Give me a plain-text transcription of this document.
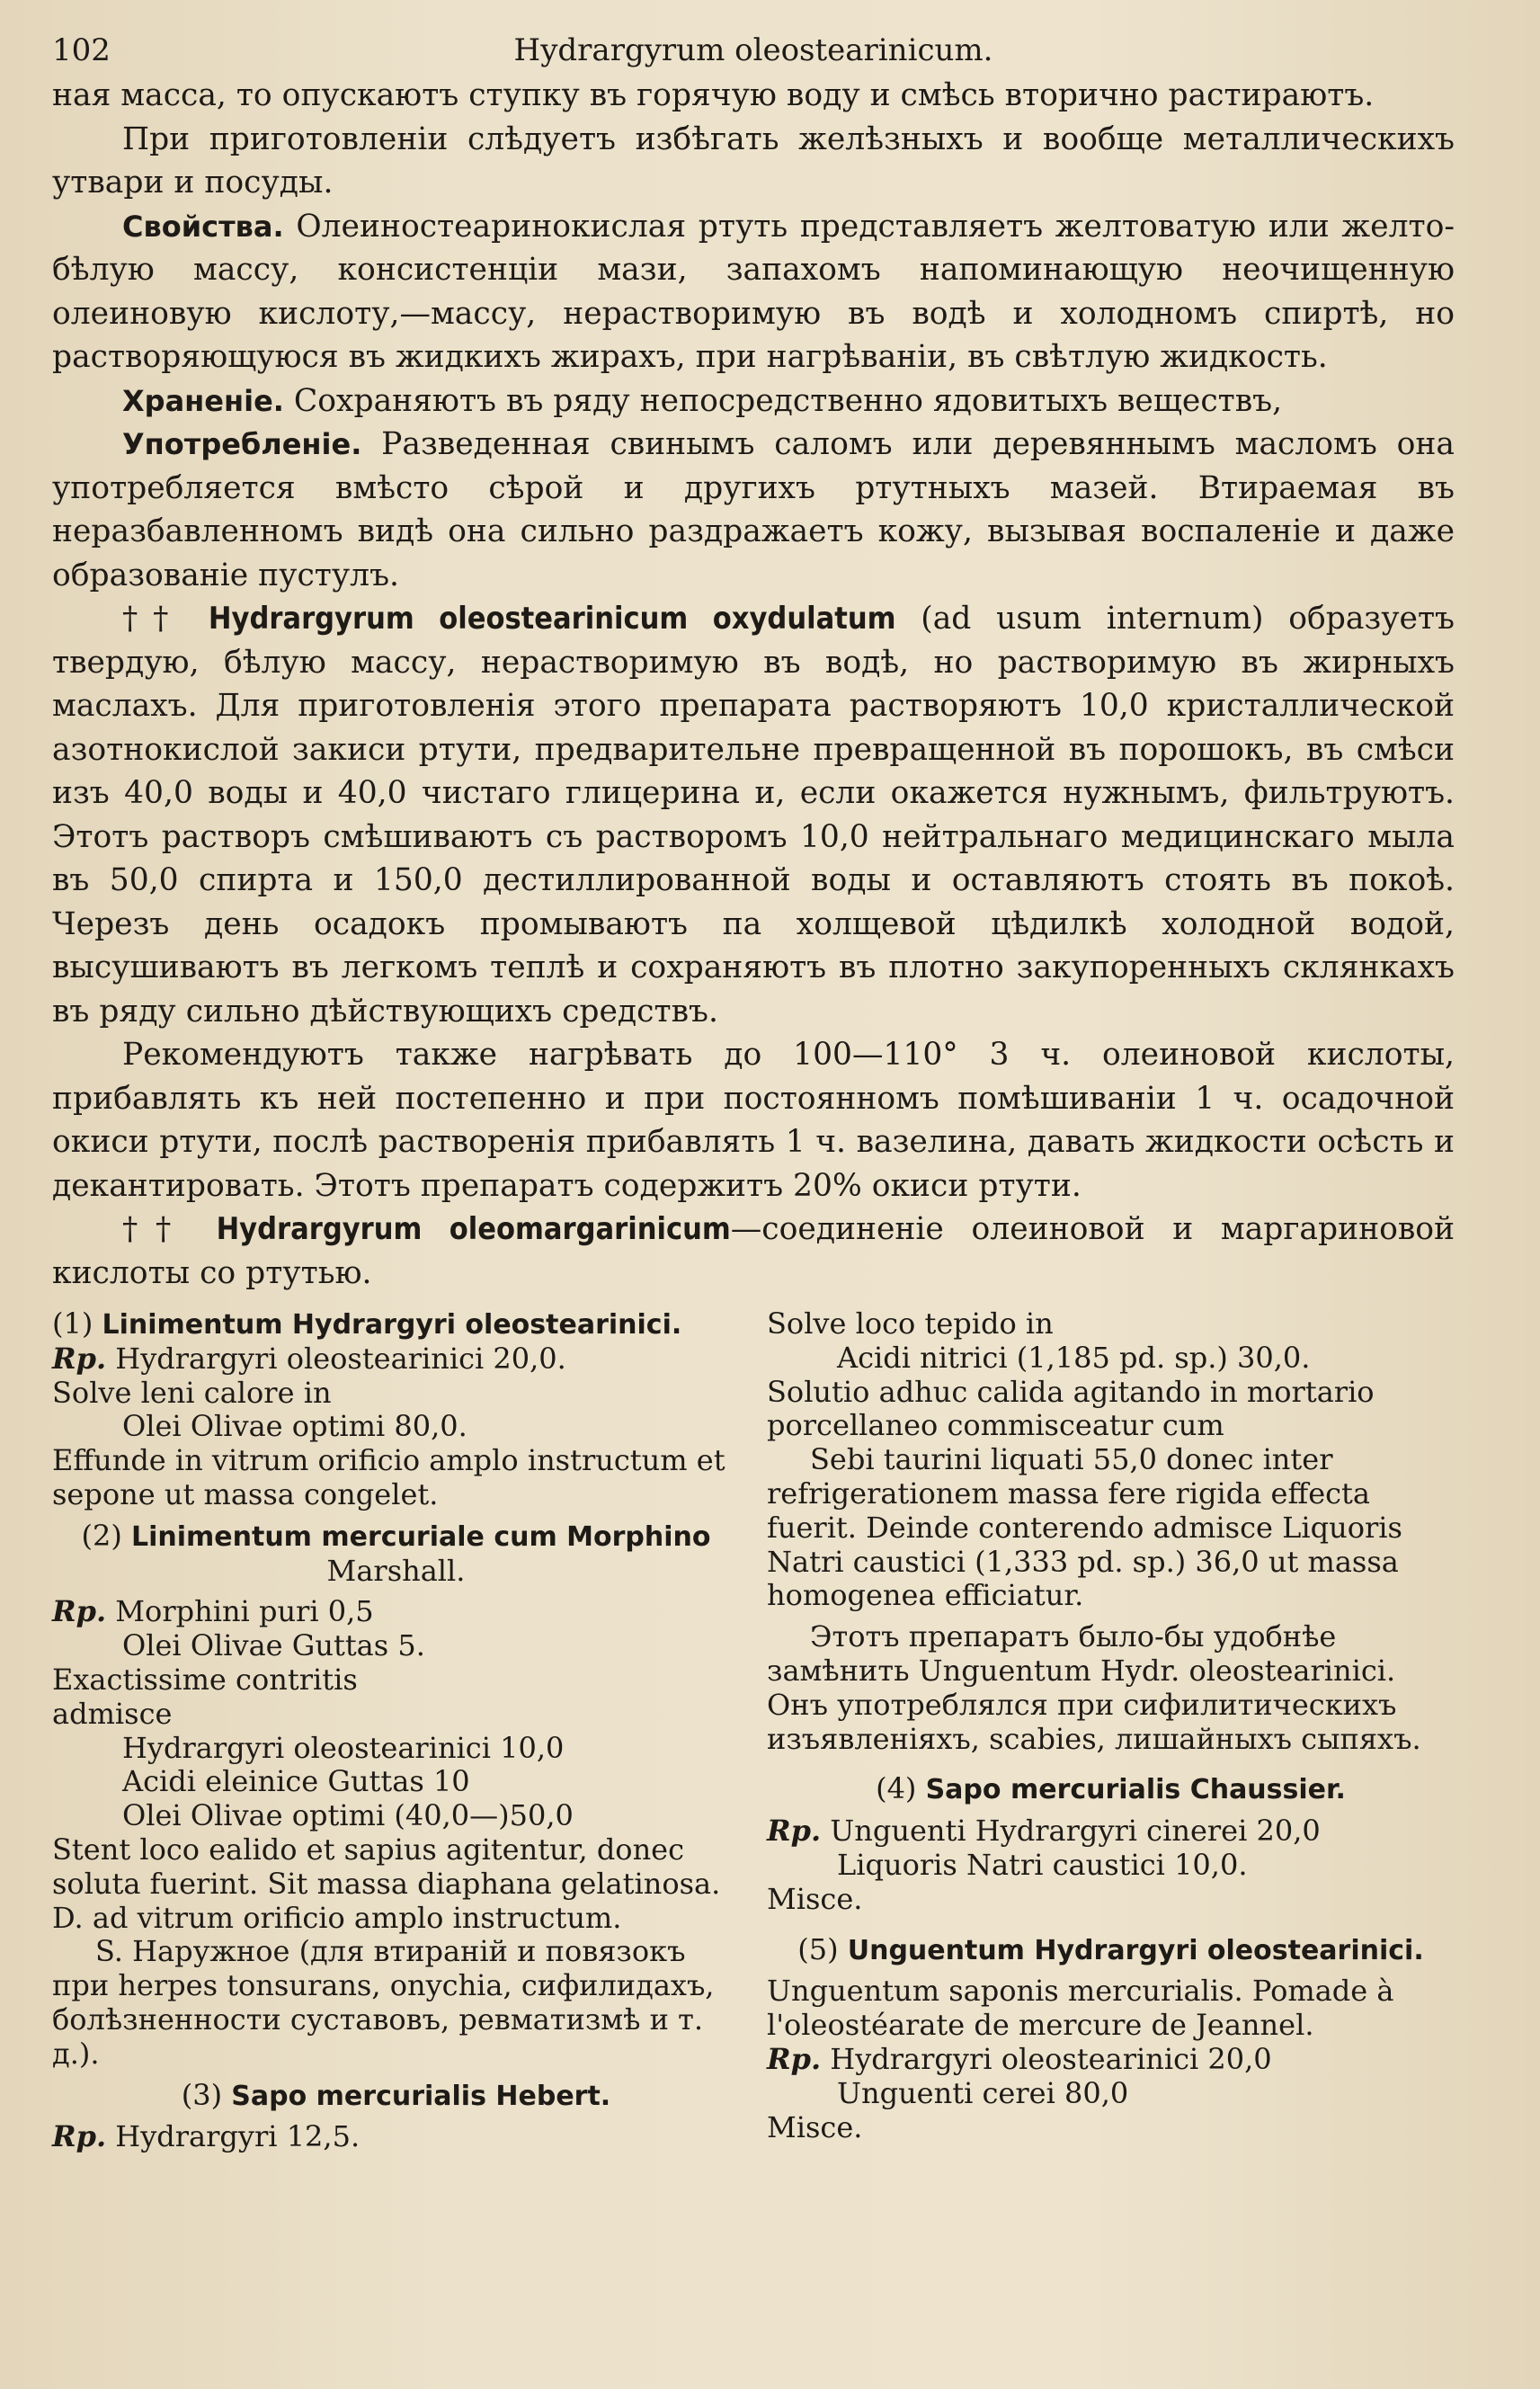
102	Hydrargyrum oleostearinicum.

ная масса, то опускаютъ ступку въ горячую воду и смѣсь вторично растираютъ.

При приготовленіи слѣдуетъ избѣгать желѣзныхъ и вообще металлическихъ утвари и посуды.

Свойства. Олеиностеаринокислая ртуть представляетъ желтоватую или желто-бѣлую массу, консистенціи мази, запахомъ напоминающую неочищенную олеиновую кислоту,—массу, нерастворимую въ водѣ и холодномъ спиртѣ, но растворяющуюся въ жидкихъ жирахъ, при нагрѣваніи, въ свѣтлую жидкость.

Храненіе. Сохраняютъ въ ряду непосредственно ядовитыхъ веществъ,

Употребленіе. Разведенная свинымъ саломъ или деревяннымъ масломъ она употребляется вмѣсто сѣрой и другихъ ртутныхъ мазей. Втираемая въ неразбавленномъ видѣ она сильно раздражаетъ кожу, вызывая воспаленіе и даже образованіе пустулъ.

†† Hydrargyrum oleostearinicum oxydulatum (ad usum internum) образуетъ твердую, бѣлую массу, нерастворимую въ водѣ, но растворимую въ жирныхъ маслахъ. Для приготовленія этого препарата растворяютъ 10,0 кристаллической азотнокислой закиси ртути, предварительне превращенной въ порошокъ, въ смѣси изъ 40,0 воды и 40,0 чистаго глицерина и, если окажется нужнымъ, фильтруютъ. Этотъ растворъ смѣшиваютъ съ растворомъ 10,0 нейтральнаго медицинскаго мыла въ 50,0 спирта и 150,0 дестиллированной воды и оставляютъ стоять въ покоѣ. Черезъ день осадокъ промываютъ па холщевой цѣдилкѣ холодной водой, высушиваютъ въ легкомъ теплѣ и сохраняютъ въ плотно закупоренныхъ склянкахъ въ ряду сильно дѣйствующихъ средствъ.

Рекомендуютъ также нагрѣвать до 100—110° 3 ч. олеиновой кислоты, прибавлять къ ней постепенно и при постоянномъ помѣшиваніи 1 ч. осадочной окиси ртути, послѣ растворенія прибавлять 1 ч. вазелина, давать жидкости осѣсть и декантировать. Этотъ препаратъ содержитъ 20% окиси ртути.

†† Hydrargyrum oleomargarinicum—соединеніе олеиновой и маргариновой кислоты со ртутью.

(1) Linimentum Hydrargyri oleostearinici.

Rp. Hydrargyri oleostearinici 20,0.

Solve leni calore in

Olei Olivae optimi 80,0.

Effunde in vitrum orificio amplo instructum et sepone ut massa congelet.

(2) Linimentum mercuriale cum Morphino

Marshall.

Rp. Morphini puri 0,5

Olei Olivae Guttas 5.

Exactissime contritis

admisce

Hydrargyri oleostearinici 10,0

Acidi eleinice Guttas 10

Olei Olivae optimi (40,0—)50,0

Stent loco ealido et sapius agitentur, donec soluta fuerint. Sit massa diaphana gelatinosa. D. ad vitrum orificio amplo instructum.

S. Наружное (для втираній и повязокъ при herpes tonsurans, onychia, сифилидахъ, болѣзненности суставовъ, ревматизмѣ и т. д.).

(3) Sapo mercurialis Hebert.

Rp. Hydrargyri 12,5.

Solve loco tepido in

Acidi nitrici (1,185 pd. sp.) 30,0.

Solutio adhuc calida agitando in mortario porcellaneo commisceatur cum

Sebi taurini liquati 55,0 donec inter refrigerationem massa fere rigida effecta fuerit. Deinde conterendo admisce Liquoris Natri caustici (1,333 pd. sp.) 36,0 ut massa homogenea efficiatur.

Этотъ препаратъ было-бы удобнѣе замѣнить Unguentum Hydr. oleostearinici. Онъ употреблялся при сифилитическихъ изъявленіяхъ, scabies, лишайныхъ сыпяхъ.

(4) Sapo mercurialis Chaussier.

Rp. Unguenti Hydrargyri cinerei 20,0

Liquoris Natri caustici 10,0.

Misce.

(5) Unguentum Hydrargyri oleostearinici.

Unguentum saponis mercurialis. Pomade à l'oleostéarate de mercure de Jeannel.

Rp. Hydrargyri oleostearinici 20,0

Unguenti cerei 80,0

Misce.
